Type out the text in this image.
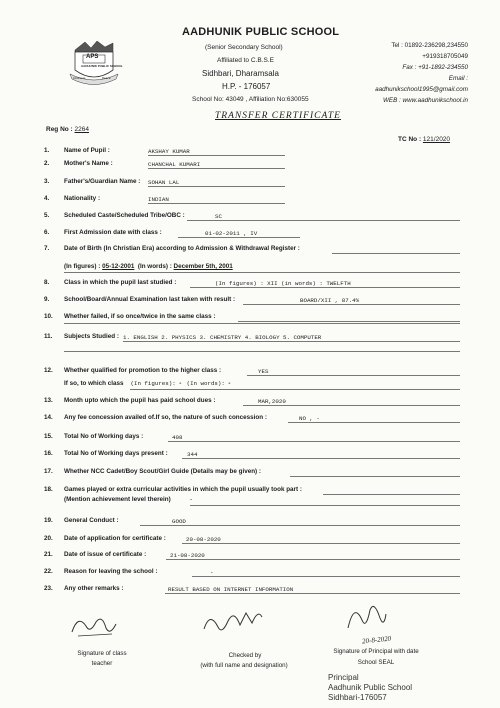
APS
AADHUNIK PUBLIC SCHOOL
Kindness	Peace
AADHUNIK PUBLIC SCHOOL
(Senior Secondary School)
Affiliated to C.B.S.E
Sidhbari, Dharamsala
H.P. - 176057
School No: 43049 , Affiliation No:630055
Tel : 01892-236298,234550
+919318705049
Fax : +91-1892-234550
Email :
aadhunikschool1995@gmail.com
WEB : www.aadhunikschool.in
TRANSFER CERTIFICATE
Reg No : 2264
TC No : 121/2020
1. Name of Pupil :	AKSHAY KUMAR
2. Mother's Name :	CHANCHAL KUMARI
3. Father's/Guardian Name : SOHAN LAL
4. Nationality :	INDIAN
5. Scheduled Caste/Scheduled Tribe/OBC :	SC
6. First Admission date with class :	01-02-2011 , IV
7. Date of Birth (In Christian Era) according to Admission & Withdrawal Register :
8. Class in which the pupil last studied :	(In figures) : XII (in words) : TWELFTH
9. School/Board/Annual Examination last taken with result :	BOARD/XII , 87.4%
10. Whether failed, if so once/twice in the same class :
11. Subjects Studied : 1. ENGLISH 2. PHYSICS 3. CHEMISTRY 4. BIOLOGY 5. COMPUTER
12. Whether qualified for promotion to the higher class :	YES
13. Month upto which the pupil has paid school dues :	MAR,2020
14. Any fee concession availed of.If so, the nature of such concession :	NO , -
15. Total No of Working days :	408
16. Total No of Working days present :	344
17. Whether NCC Cadet/Boy Scout/Girl Guide (Details may be given) :
18. Games played or extra curricular activities in which the pupil usually took part :
19. General Conduct :	GOOD
20. Date of application for certificate :	20-08-2020
21. Date of issue of certificate :	21-08-2020
22. Reason for leaving the school :	-
23. Any other remarks :	RESULT BASED ON INTERNET INFORMATION
(In figures) : 05-12-2001 (In words) : December 5th, 2001
If so, to which class (In figures): - (In words): -
(Mention achievement level therein)	-
20-8-2020
Signature of class teacher
Checked by
(with full name and designation)
Signature of Principal with date
School SEAL
Principal
Aadhunik Public School
Sidhbari-176057
